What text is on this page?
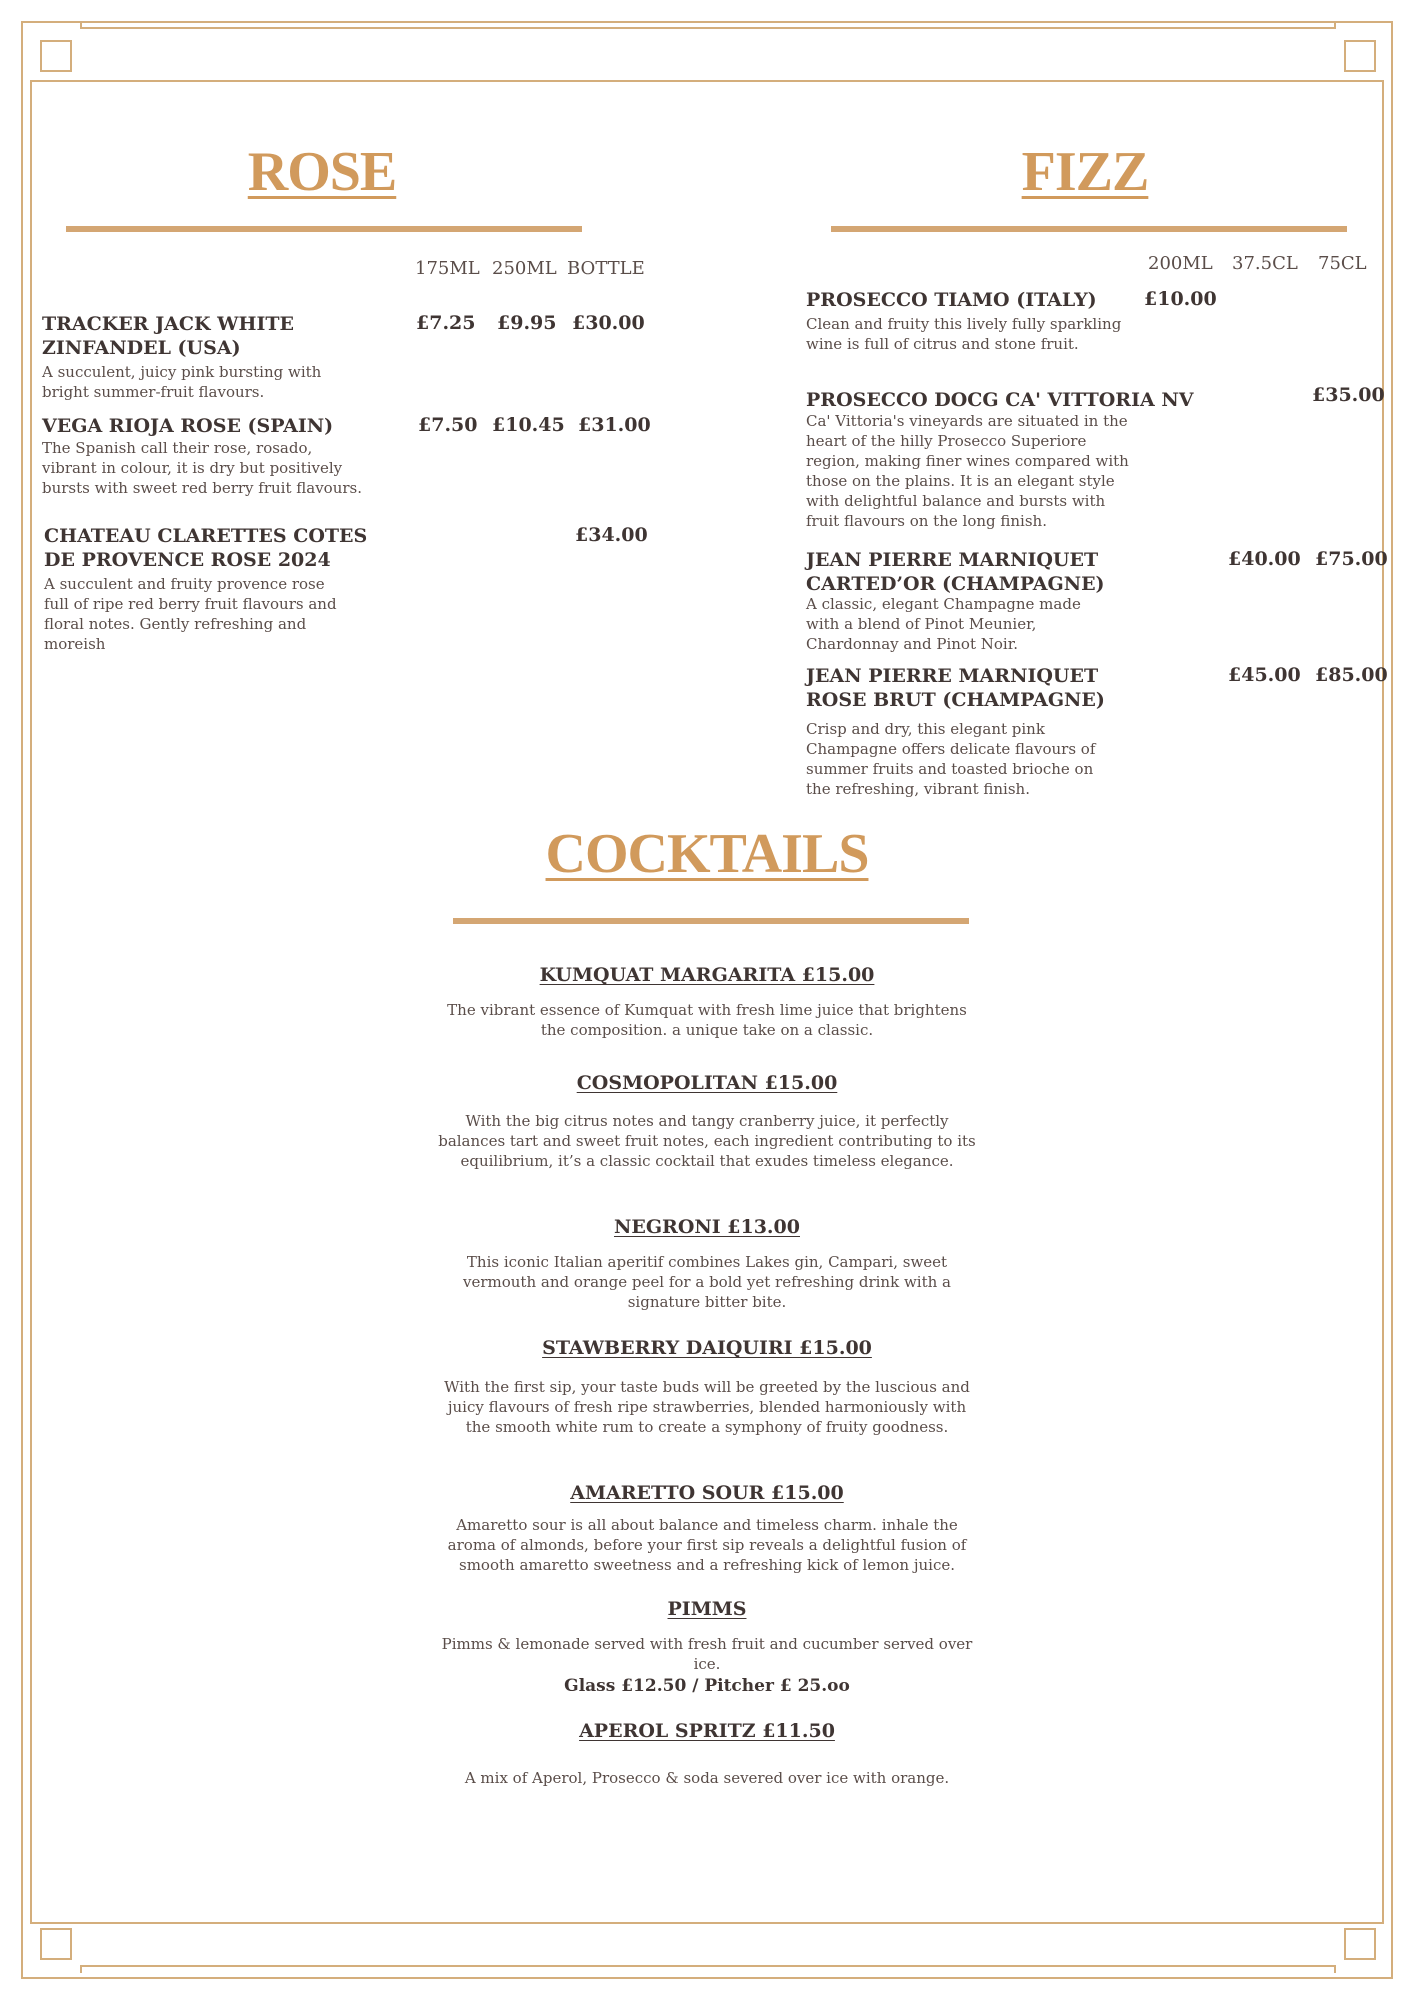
ROSE
175ML 250ML BOTTLE

TRACKER JACK WHITE ZINFANDEL (USA)

A succulent, juicy pink bursting with bright summer-fruit flavours.

£7.25 £9.95 £30.00

VEGA RIOJA ROSE (SPAIN)

The Spanish call their rose, rosado, vibrant in colour, it is dry but positively bursts with sweet red berry fruit flavours.

£7.50 £10.45 £31.00

CHATEAU CLARETTES COTES DE PROVENCE ROSE 2024

A succulent and fruity provence rose full of ripe red berry fruit flavours and floral notes. Gently refreshing and moreish

£34.00
FIZZ
200ML 37.5CL 75CL

PROSECCO TIAMO (ITALY)

Clean and fruity this lively fully sparkling wine is full of citrus and stone fruit.

£10.00

PROSECCO DOCG CA' VITTORIA NV

Ca' Vittoria's vineyards are situated in the heart of the hilly Prosecco Superiore region, making finer wines compared with those on the plains. It is an elegant style with delightful balance and bursts with fruit flavours on the long finish.

£35.00

JEAN PIERRE MARNIQUET CARTED’OR (CHAMPAGNE)

A classic, elegant Champagne made with a blend of Pinot Meunier, Chardonnay and Pinot Noir.

£40.00 £75.00

JEAN PIERRE MARNIQUET ROSE BRUT (CHAMPAGNE)

Crisp and dry, this elegant pink Champagne offers delicate flavours of summer fruits and toasted brioche on the refreshing, vibrant finish.

£45.00 £85.00
COCKTAILS

KUMQUAT MARGARITA £15.00

The vibrant essence of Kumquat with fresh lime juice that brightens the composition. a unique take on a classic.

COSMOPOLITAN £15.00

With the big citrus notes and tangy cranberry juice, it perfectly balances tart and sweet fruit notes, each ingredient contributing to its equilibrium, it’s a classic cocktail that exudes timeless elegance.

NEGRONI £13.00

This iconic Italian aperitif combines Lakes gin, Campari, sweet vermouth and orange peel for a bold yet refreshing drink with a signature bitter bite.

STAWBERRY DAIQUIRI £15.00

With the first sip, your taste buds will be greeted by the luscious and juicy flavours of fresh ripe strawberries, blended harmoniously with the smooth white rum to create a symphony of fruity goodness.

AMARETTO SOUR £15.00

Amaretto sour is all about balance and timeless charm. inhale the aroma of almonds, before your first sip reveals a delightful fusion of smooth amaretto sweetness and a refreshing kick of lemon juice.

PIMMS

Pimms & lemonade served with fresh fruit and cucumber served over ice.

Glass £12.50 / Pitcher £ 25.oo

APEROL SPRITZ £11.50

A mix of Aperol, Prosecco & soda severed over ice with orange.
